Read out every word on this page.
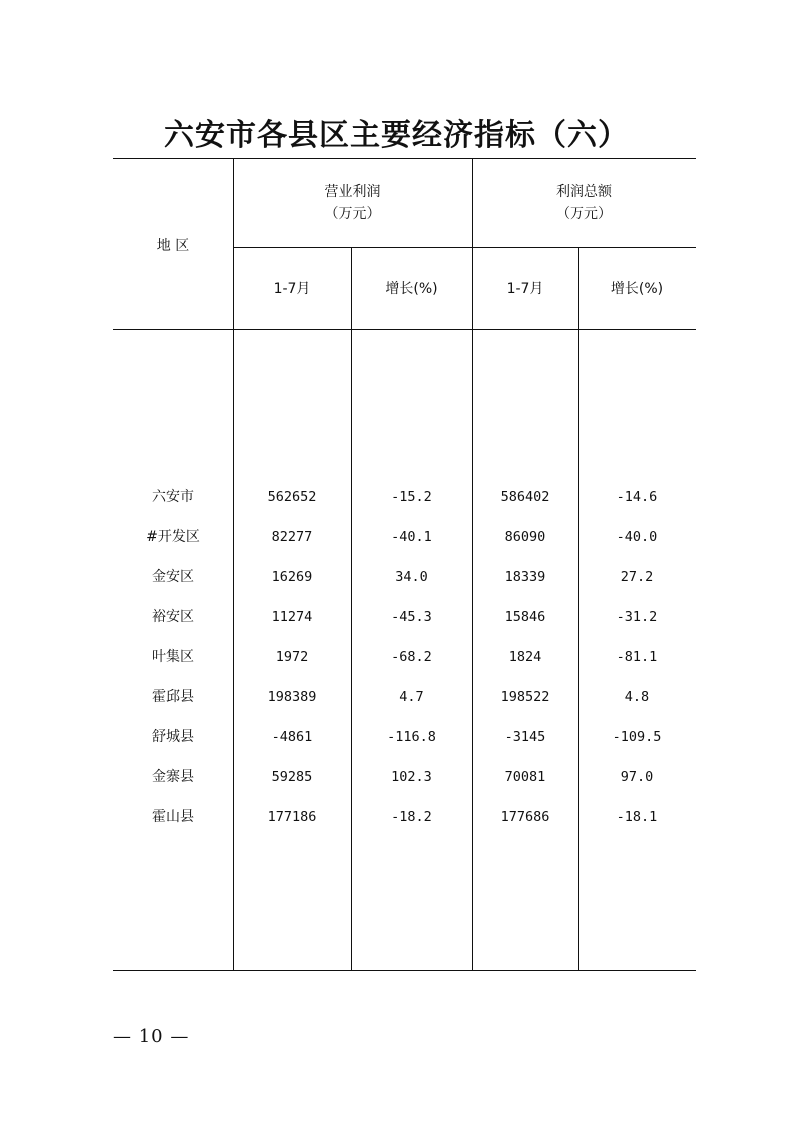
六安市各县区主要经济指标（六）
地 区
营业利润
（万元）
利润总额
（万元）
1-7月	增长(%)	1-7月	增长(%)
六安市	562652	-15.2	586402	-14.6
#开发区	82277	-40.1	86090	-40.0
金安区	16269	34.0	18339	27.2
裕安区	11274	-45.3	15846	-31.2
叶集区	1972	-68.2	1824	-81.1
霍邱县	198389	4.7	198522	4.8
舒城县	-4861	-116.8	-3145	-109.5
金寨县	59285	102.3	70081	97.0
霍山县	177186	-18.2	177686	-18.1
— 10 —
